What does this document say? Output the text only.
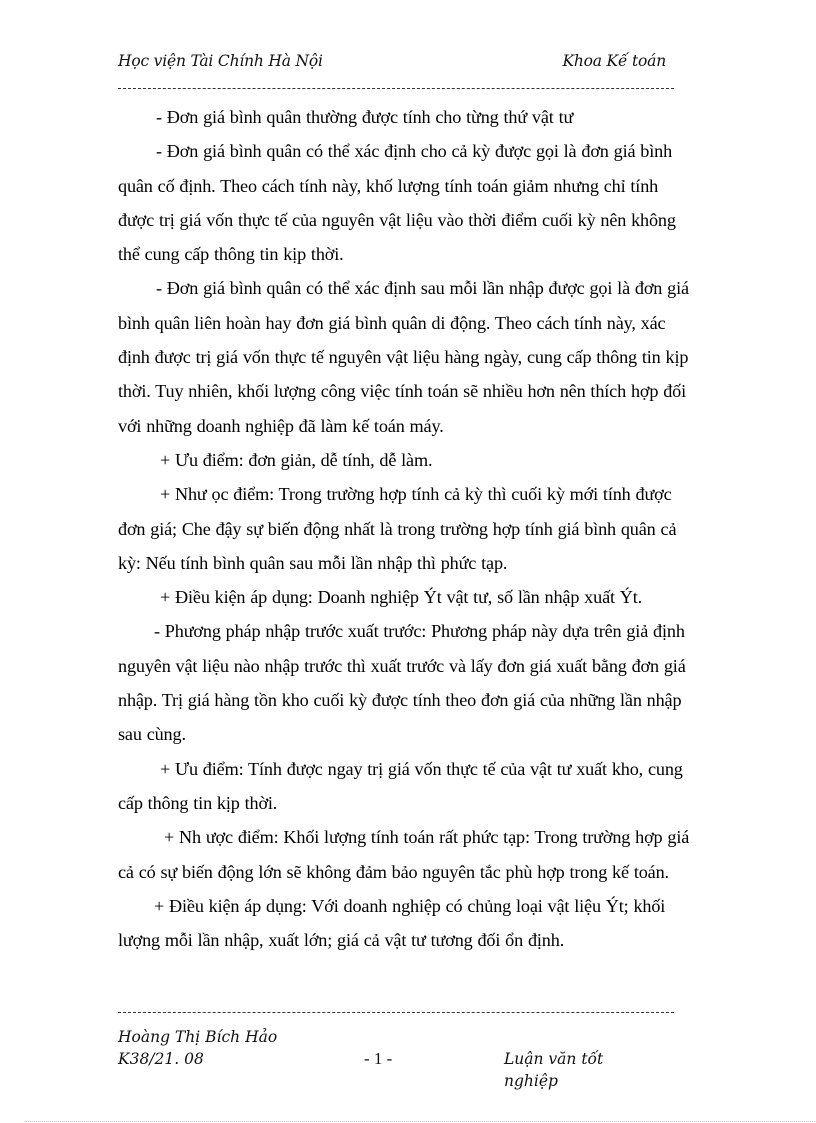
Học viện Tài Chính Hà Nội	Khoa Kế toán

- Đơn giá bình quân thường được tính cho từng thứ vật tư

- Đơn giá bình quân có thể xác định cho cả kỳ được gọi là đơn giá bình quân cố định. Theo cách tính này, khố lượng tính toán giảm nhưng chỉ tính được trị giá vốn thực tế của nguyên vật liệu vào thời điểm cuối kỳ nên không thể cung cấp thông tin kịp thời.

- Đơn giá bình quân có thể xác định sau mỗi lần nhập được gọi là đơn giá bình quân liên hoàn hay đơn giá bình quân di động. Theo cách tính này, xác định được trị giá vốn thực tế nguyên vật liệu hàng ngày, cung cấp thông tin kịp thời. Tuy nhiên, khối lượng công việc tính toán sẽ nhiều hơn nên thích hợp đối với những doanh nghiệp đã làm kế toán máy.

+ Ưu điểm: đơn giản, dễ tính, dễ làm.

+ Như ọc điểm: Trong trường hợp tính cả kỳ thì cuối kỳ mới tính được đơn giá; Che đậy sự biến động nhất là trong trường hợp tính giá bình quân cả kỳ: Nếu tính bình quân sau mỗi lần nhập thì phức tạp.

+ Điều kiện áp dụng: Doanh nghiệp Ýt vật tư, số lần nhập xuất Ýt.

- Phương pháp nhập trước xuất trước: Phương pháp này dựa trên giả định nguyên vật liệu nào nhập trước thì xuất trước và lấy đơn giá xuất bằng đơn giá nhập. Trị giá hàng tồn kho cuối kỳ được tính theo đơn giá của những lần nhập sau cùng.

+ Ưu điểm: Tính được ngay trị giá vốn thực tế của vật tư xuất kho, cung cấp thông tin kịp thời.

+ Nh ược điểm: Khối lượng tính toán rất phức tạp: Trong trường hợp giá cả có sự biến động lớn sẽ không đảm bảo nguyên tắc phù hợp trong kế toán.

+ Điều kiện áp dụng: Với doanh nghiệp có chủng loại vật liệu Ýt; khối lượng mỗi lần nhập, xuất lớn; giá cả vật tư tương đối ổn định.

Hoàng Thị Bích Hảo
K38/21. 08	- 1 -	Luận văn tốt nghiệp
